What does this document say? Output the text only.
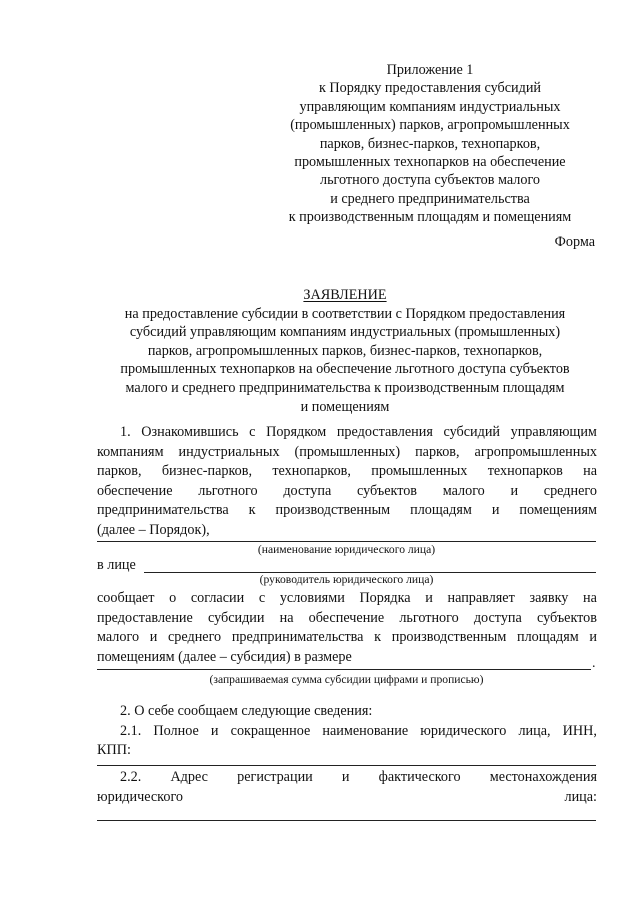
Приложение 1
к Порядку предоставления субсидий
управляющим компаниям индустриальных
(промышленных) парков, агропромышленных
парков, бизнес-парков, технопарков,
промышленных технопарков на обеспечение
льготного доступа субъектов малого
и среднего предпринимательства
к производственным площадям и помещениям
Форма
ЗАЯВЛЕНИЕ
на предоставление субсидии в соответствии с Порядком предоставления
субсидий управляющим компаниям индустриальных (промышленных)
парков, агропромышленных парков, бизнес-парков, технопарков,
промышленных технопарков на обеспечение льготного доступа субъектов
малого и среднего предпринимательства к производственным площадям
и помещениям
1. Ознакомившись с Порядком предоставления субсидий управляющим
компаниям индустриальных (промышленных) парков, агропромышленных
парков, бизнес-парков, технопарков, промышленных технопарков на
обеспечение льготного доступа субъектов малого и среднего
предпринимательства к производственным площадям и помещениям
(далее – Порядок),
(наименование юридического лица)
в лице
(руководитель юридического лица)
сообщает о согласии с условиями Порядка и направляет заявку на
предоставление субсидии на обеспечение льготного доступа субъектов
малого и среднего предпринимательства к производственным площадям и
помещениям (далее – субсидия) в размере	.
(запрашиваемая сумма субсидии цифрами и прописью)
2. О себе сообщаем следующие сведения:
2.1. Полное и сокращенное наименование юридического лица, ИНН,
КПП:
2.2. Адрес регистрации и фактического местонахождения
юридического	лица:
